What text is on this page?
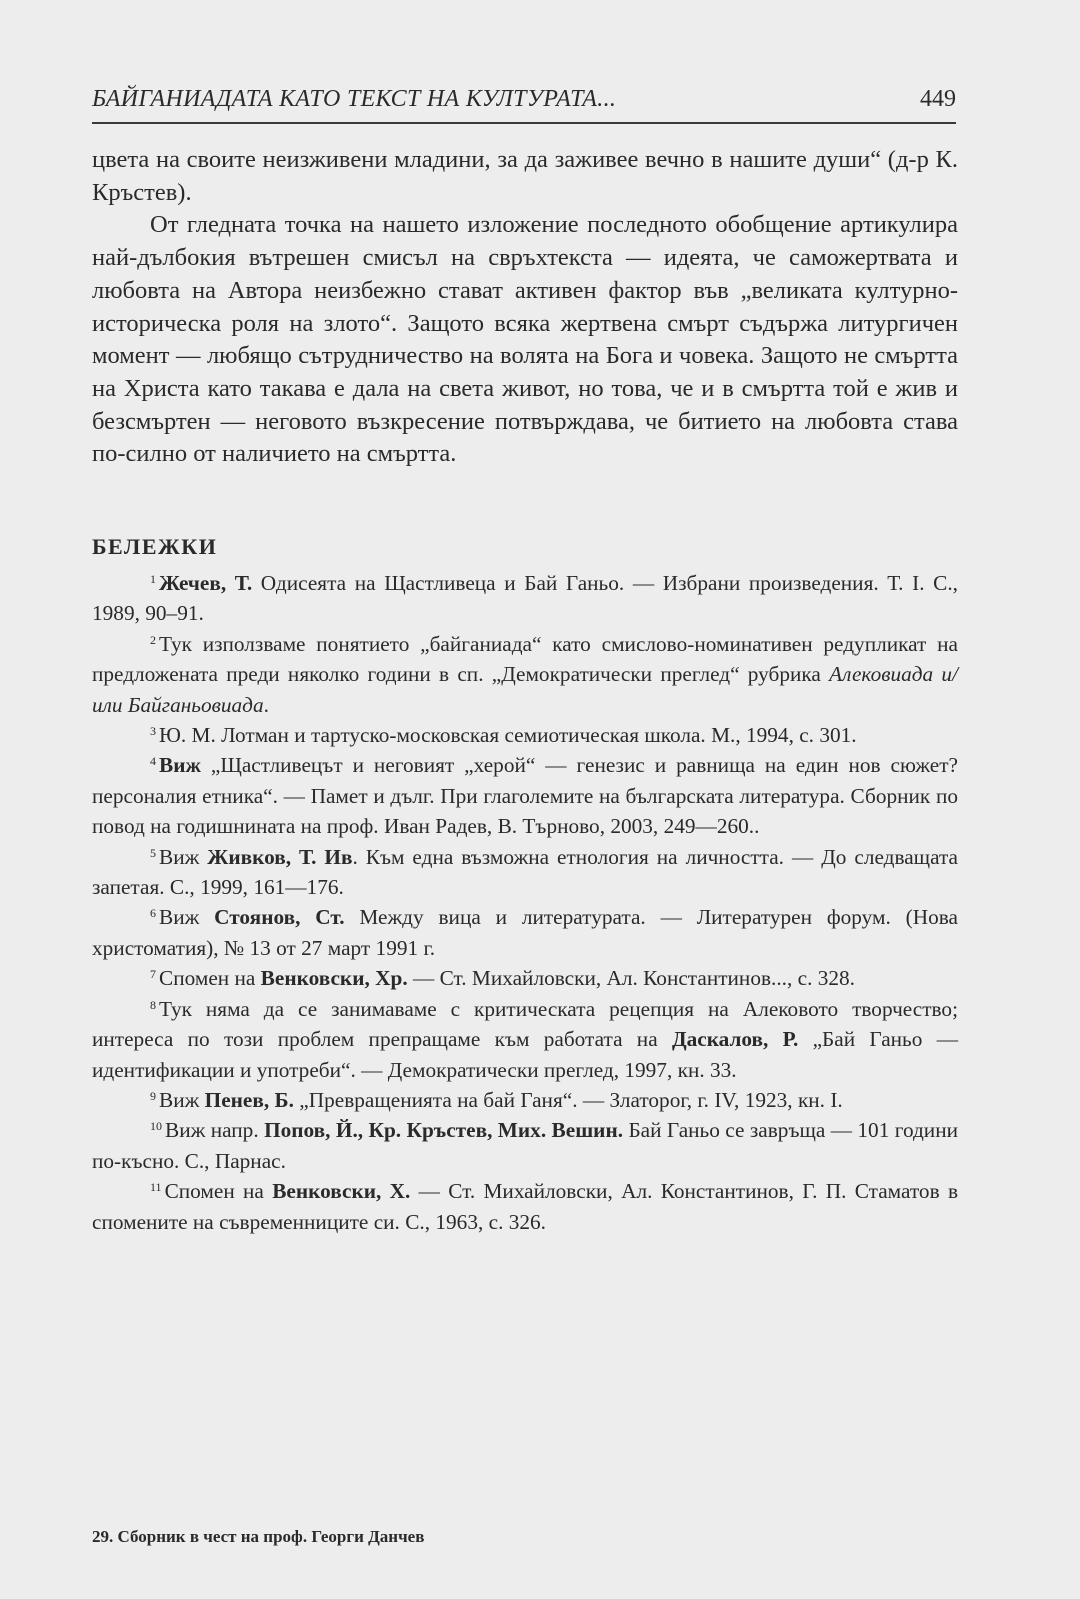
БАЙГАНИАДАТА КАТО ТЕКСТ НА КУЛТУРАТА...	449

цвета на своите неизживени младини, за да заживее вечно в нашите души“ (д-р К. Кръстев).

От гледната точка на нашето изложение последното обобщение артикулира най-дълбокия вътрешен смисъл на свръхтекста — идеята, че саможертвата и любовта на Автора неизбежно стават активен фактор във „великата културно-историческа роля на злото“. Защото всяка жертвена смърт съдържа литургичен момент — любящо сътрудничество на волята на Бога и човека. Защото не смъртта на Христа като такава е дала на света живот, но това, че и в смъртта той е жив и безсмъртен — неговото възкресение потвърждава, че битието на любовта става по-силно от наличието на смъртта.

БЕЛЕЖКИ

$^1$ Жечев, Т. Одисеята на Щастливеца и Бай Ганьо. — Избрани произведения. Т. І. С., 1989, 90–91.

$^2$ Тук използваме понятието „байганиада“ като смислово-номинативен редупликат на предложената преди няколко години в сп. „Демократически преглед“ рубрика Алековиада и/или Байганьовиада.

$^3$ Ю. М. Лотман и тартуско-московская семиотическая школа. М., 1994, с. 301.

$^4$ Виж „Щастливецът и неговият „херой“ — генезис и равнища на един нов сюжет? персоналия етника“. — Памет и дълг. При глаголемите на българската литература. Сборник по повод на годишнината на проф. Иван Радев, В. Търново, 2003, 249—260..

$^5$ Виж Живков, Т. Ив. Към една възможна етнология на личността. — До следващата запетая. С., 1999, 161—176.

$^6$ Виж Стоянов, Ст. Между вица и литературата. — Литературен форум. (Нова христоматия), № 13 от 27 март 1991 г.

$^7$ Спомен на Венковски, Хр. — Ст. Михайловски, Ал. Константинов..., с. 328.

$^8$ Тук няма да се занимаваме с критическата рецепция на Алековото творчество; интереса по този проблем препращаме към работата на Даскалов, Р. „Бай Ганьо — идентификации и употреби“. — Демократически преглед, 1997, кн. 33.

$^9$ Виж Пенев, Б. „Превращенията на бай Ганя“. — Златорог, г. IV, 1923, кн. І.

$^{10}$ Виж напр. Попов, Й., Кр. Кръстев, Мих. Вешин. Бай Ганьо се завръща — 101 години по-късно. С., Парнас.

$^{11}$ Спомен на Венковски, Х. — Ст. Михайловски, Ал. Константинов, Г. П. Стаматов в спомените на съвременниците си. С., 1963, с. 326.

29. Сборник в чест на проф. Георги Данчев
